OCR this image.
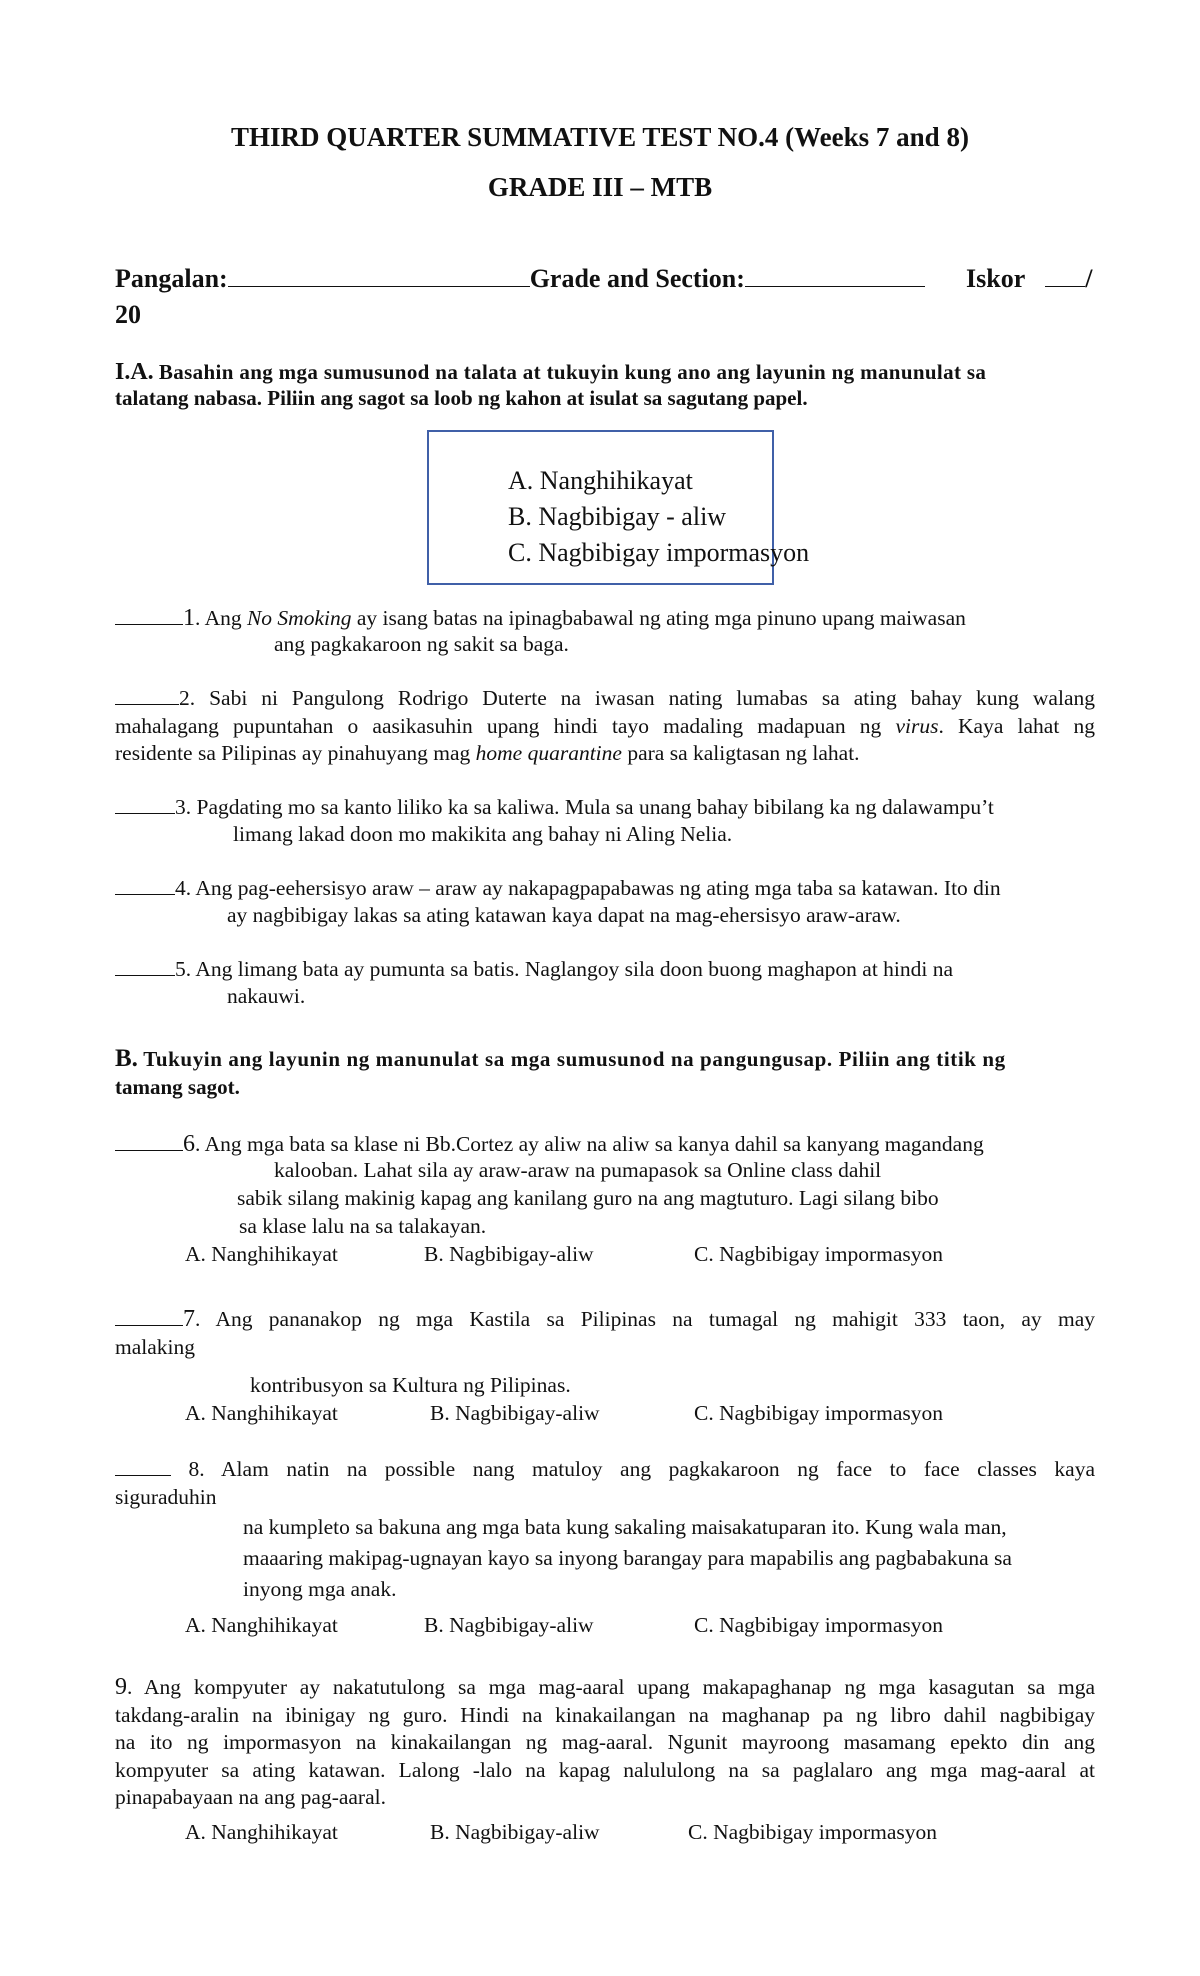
THIRD QUARTER SUMMATIVE TEST NO.4 (Weeks 7 and 8)
GRADE III – MTB
Pangalan:	Grade and Section:	Iskor /
20
I.A. Basahin ang mga sumusunod na talata at tukuyin kung ano ang layunin ng manunulat sa
talatang nabasa. Piliin ang sagot sa loob ng kahon at isulat sa sagutang papel.
A. Nanghihikayat
B. Nagbibigay - aliw
C. Nagbibigay impormasyon
1. Ang No Smoking ay isang batas na ipinagbabawal ng ating mga pinuno upang maiwasan
ang pagkakaroon ng sakit sa baga.
2. Sabi ni Pangulong Rodrigo Duterte na iwasan nating lumabas sa ating bahay kung walang
mahalagang pupuntahan o aasikasuhin upang hindi tayo madaling madapuan ng virus. Kaya lahat ng
residente sa Pilipinas ay pinahuyang mag home quarantine para sa kaligtasan ng lahat.
3. Pagdating mo sa kanto liliko ka sa kaliwa. Mula sa unang bahay bibilang ka ng dalawampu’t
limang lakad doon mo makikita ang bahay ni Aling Nelia.
4. Ang pag-eehersisyo araw – araw ay nakapagpapabawas ng ating mga taba sa katawan. Ito din
ay nagbibigay lakas sa ating katawan kaya dapat na mag-ehersisyo araw-araw.
5. Ang limang bata ay pumunta sa batis. Naglangoy sila doon buong maghapon at hindi na
nakauwi.
B. Tukuyin ang layunin ng manunulat sa mga sumusunod na pangungusap. Piliin ang titik ng
tamang sagot.
6. Ang mga bata sa klase ni Bb.Cortez ay aliw na aliw sa kanya dahil sa kanyang magandang
kalooban. Lahat sila ay araw-araw na pumapasok sa Online class dahil
sabik silang makinig kapag ang kanilang guro na ang magtuturo. Lagi silang bibo
sa klase lalu na sa talakayan.
A. Nanghihikayat	B. Nagbibigay-aliw	C. Nagbibigay impormasyon
7. Ang pananakop ng mga Kastila sa Pilipinas na tumagal ng mahigit 333 taon, ay may
malaking
kontribusyon sa Kultura ng Pilipinas.
A. Nanghihikayat	B. Nagbibigay-aliw	C. Nagbibigay impormasyon
8. Alam natin na possible nang matuloy ang pagkakaroon ng face to face classes kaya
siguraduhin
na kumpleto sa bakuna ang mga bata kung sakaling maisakatuparan ito. Kung wala man,
maaaring makipag-ugnayan kayo sa inyong barangay para mapabilis ang pagbabakuna sa
inyong mga anak.
A. Nanghihikayat	B. Nagbibigay-aliw	C. Nagbibigay impormasyon
9. Ang kompyuter ay nakatutulong sa mga mag-aaral upang makapaghanap ng mga kasagutan sa mga
takdang-aralin na ibinigay ng guro. Hindi na kinakailangan na maghanap pa ng libro dahil nagbibigay
na ito ng impormasyon na kinakailangan ng mag-aaral. Ngunit mayroong masamang epekto din ang
kompyuter sa ating katawan. Lalong -lalo na kapag nalululong na sa paglalaro ang mga mag-aaral at
pinapabayaan na ang pag-aaral.
A. Nanghihikayat	B. Nagbibigay-aliw	C. Nagbibigay impormasyon
